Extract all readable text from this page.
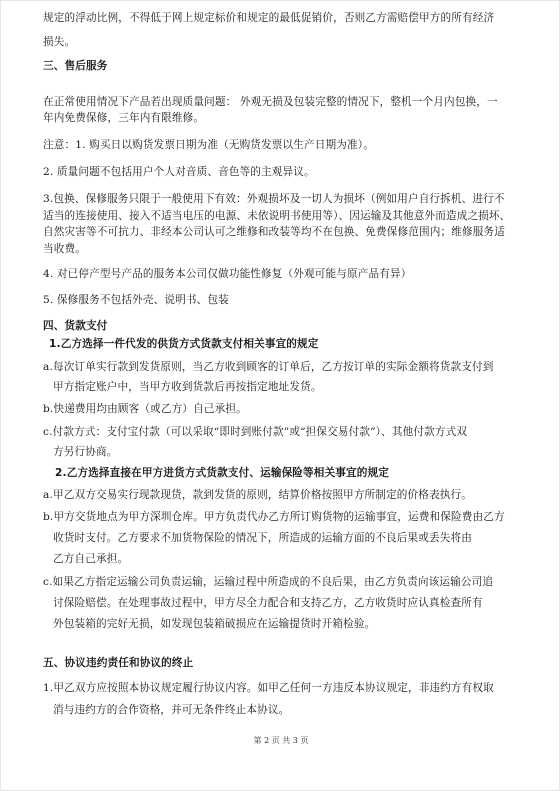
规定的浮动比例，不得低于网上规定标价和规定的最低促销价，否则乙方需赔偿甲方的所有经济
损失。
三、售后服务
在正常使用情况下产品若出现质量问题： 外观无损及包装完整的情况下，整机一个月内包换，一
年内免费保修，三年内有限维修。
注意：1. 购买日以购货发票日期为准（无购货发票以生产日期为准）。
2. 质量问题不包括用户个人对音质、音色等的主观异议。
3.包换、保修服务只限于一般使用下有效：外观损坏及一切人为损坏（例如用户自行拆机、进行不
适当的连接使用、接入不适当电压的电源、未依说明书使用等）、因运输及其他意外而造成之损坏、
自然灾害等不可抗力、非经本公司认可之维修和改装等均不在包换、免费保修范围内；维修服务适
当收费。
4. 对已停产型号产品的服务本公司仅做功能性修复（外观可能与原产品有异）
5. 保修服务不包括外壳、说明书、包装
四、货款支付
1.乙方选择一件代发的供货方式货款支付相关事宜的规定
a.每次订单实行款到发货原则，当乙方收到顾客的订单后，乙方按订单的实际金额将货款支付到
甲方指定账户中，当甲方收到货款后再按指定地址发货。
b.快递费用均由顾客（或乙方）自己承担。
c.付款方式：支付宝付款（可以采取“即时到账付款”或“担保交易付款”）、其他付款方式双
方另行协商。
2.乙方选择直接在甲方进货方式货款支付、运输保险等相关事宜的规定
a.甲乙双方交易实行现款现货，款到发货的原则，结算价格按照甲方所制定的价格表执行。
b.甲方交货地点为甲方深圳仓库。甲方负责代办乙方所订购货物的运输事宜，运费和保险费由乙方
收货时支付。乙方要求不加货物保险的情况下，所造成的运输方面的不良后果或丢失将由
乙方自己承担。
c.如果乙方指定运输公司负责运输，运输过程中所造成的不良后果，由乙方负责向该运输公司追
讨保险赔偿。在处理事故过程中，甲方尽全力配合和支持乙方，乙方收货时应认真检查所有
外包装箱的完好无损，如发现包装箱破损应在运输提货时开箱检验。
五、协议违约责任和协议的终止
1.甲乙双方应按照本协议规定履行协议内容。如甲乙任何一方违反本协议规定，非违约方有权取
消与违约方的合作资格，并可无条件终止本协议。
第 2 页 共 3 页
